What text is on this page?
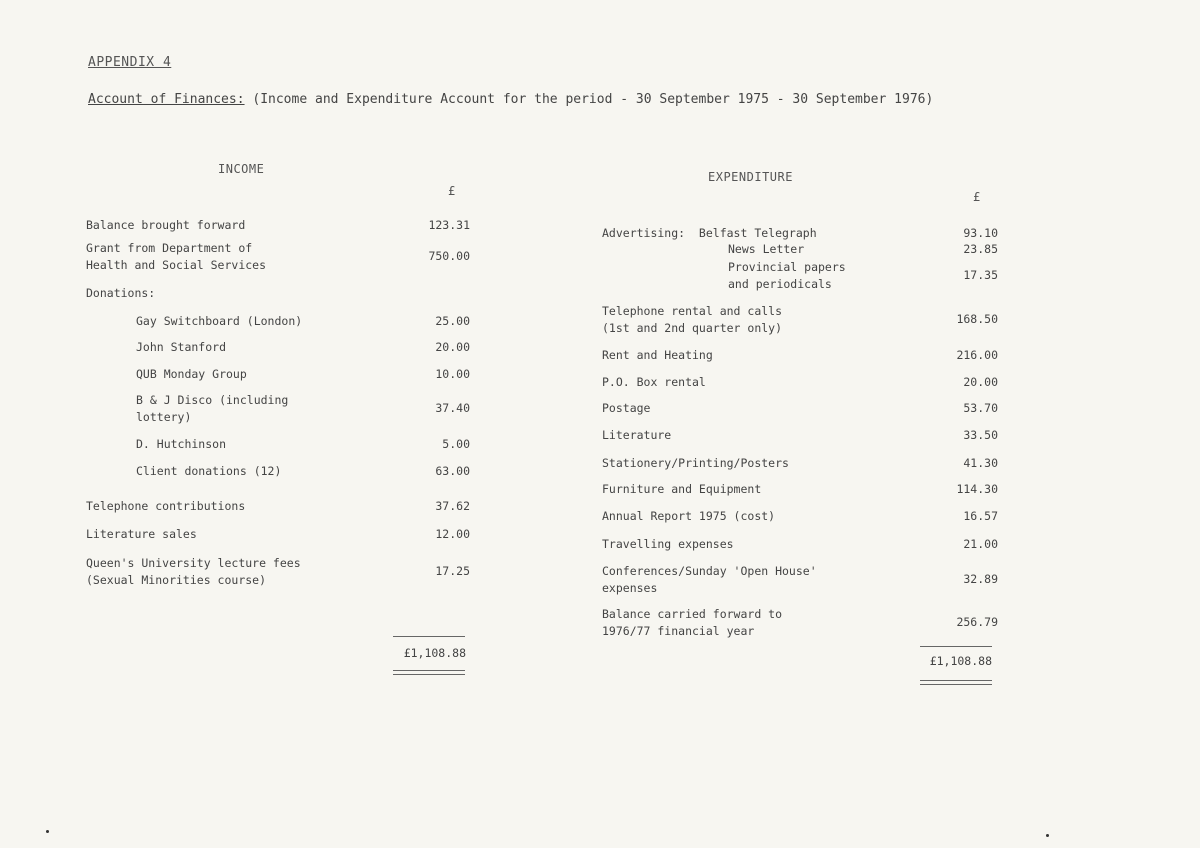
APPENDIX 4
Account of Finances: (Income and Expenditure Account for the period - 30 September 1975 - 30 September 1976)
INCOME
£
EXPENDITURE
£
Balance brought forward	123.31
Grant from Department of
Health and Social Services
750.00
Donations:
Gay Switchboard (London)	25.00
John Stanford	20.00
QUB Monday Group	10.00
B & J Disco (including
lottery)
37.40
D. Hutchinson	5.00
Client donations (12)	63.00
Telephone contributions	37.62
Literature sales	12.00
Queen's University lecture fees
(Sexual Minorities course)
17.25
Advertising:  Belfast Telegraph	93.10
News Letter	23.85
Provincial papers
and periodicals
17.35
Telephone rental and calls
(1st and 2nd quarter only)
168.50
Rent and Heating	216.00
P.O. Box rental	20.00
Postage	53.70
Literature	33.50
Stationery/Printing/Posters	41.30
Furniture and Equipment	114.30
Annual Report 1975 (cost)	16.57
Travelling expenses	21.00
Conferences/Sunday 'Open House'
expenses
32.89
Balance carried forward to
1976/77 financial year
256.79
£1,108.88
£1,108.88
